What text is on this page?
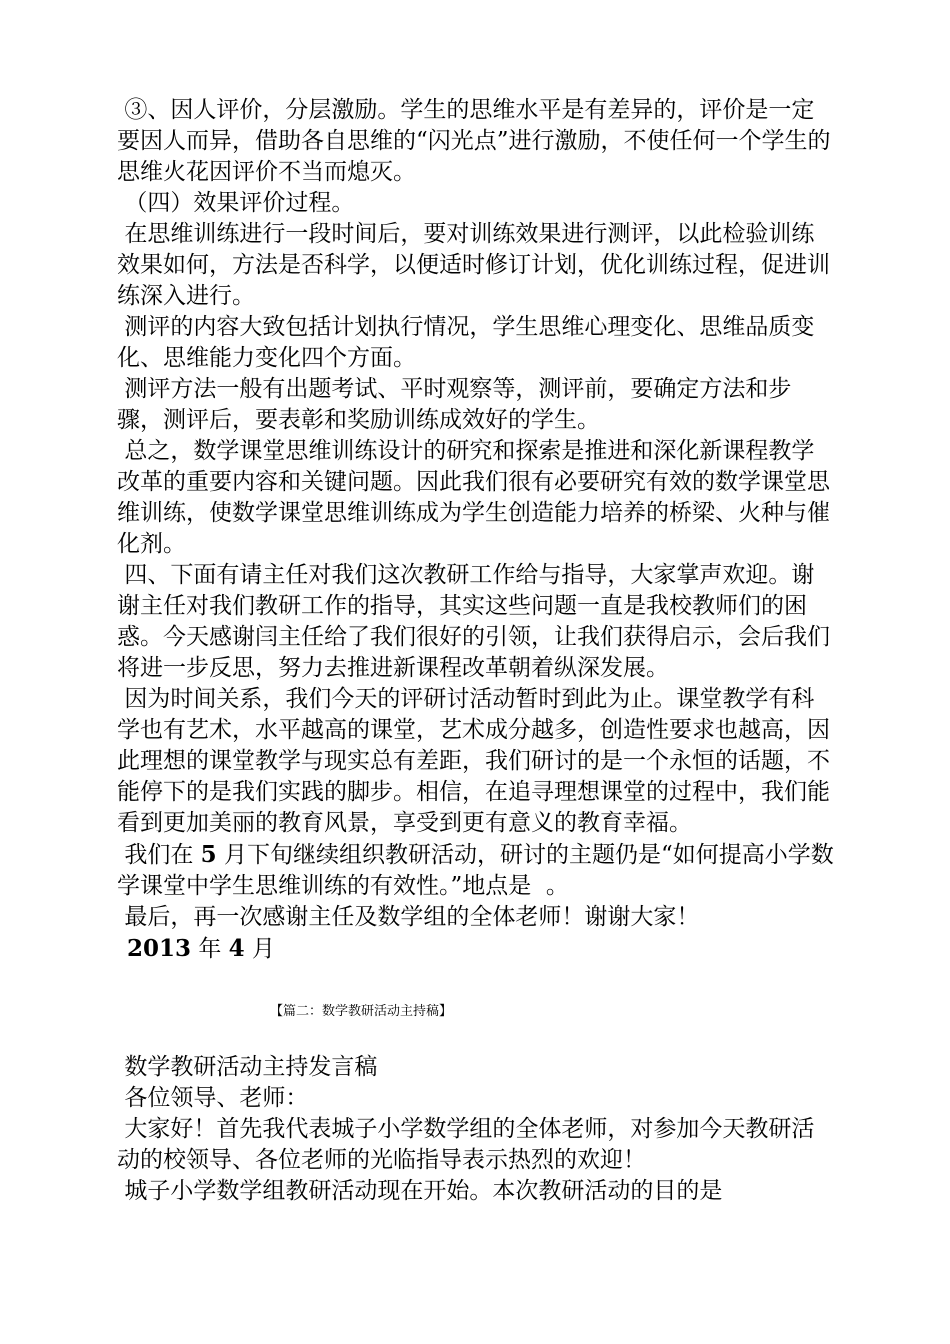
③、因人评价，分层激励。学生的思维水平是有差异的，评价是一定要因人而异，借助各自思维的“闪光点”进行激励，不使任何一个学生的思维火花因评价不当而熄灭。

（四）效果评价过程。

在思维训练进行一段时间后，要对训练效果进行测评，以此检验训练效果如何，方法是否科学，以便适时修订计划，优化训练过程，促进训练深入进行。

测评的内容大致包括计划执行情况，学生思维心理变化、思维品质变化、思维能力变化四个方面。

测评方法一般有出题考试、平时观察等，测评前，要确定方法和步骤，测评后，要表彰和奖励训练成效好的学生。

总之，数学课堂思维训练设计的研究和探索是推进和深化新课程教学改革的重要内容和关键问题。因此我们很有必要研究有效的数学课堂思维训练，使数学课堂思维训练成为学生创造能力培养的桥梁、火种与催化剂。

四、下面有请主任对我们这次教研工作给与指导，大家掌声欢迎。谢谢主任对我们教研工作的指导，其实这些问题一直是我校教师们的困惑。今天感谢闫主任给了我们很好的引领，让我们获得启示，会后我们将进一步反思，努力去推进新课程改革朝着纵深发展。

因为时间关系，我们今天的评研讨活动暂时到此为止。课堂教学有科学也有艺术，水平越高的课堂，艺术成分越多，创造性要求也越高，因此理想的课堂教学与现实总有差距，我们研讨的是一个永恒的话题，不能停下的是我们实践的脚步。相信，在追寻理想课堂的过程中，我们能看到更加美丽的教育风景，享受到更有意义的教育幸福。

我们在 5 月下旬继续组织教研活动，研讨的主题仍是“如何提高小学数学课堂中学生思维训练的有效性。”地点是  。

最后，再一次感谢主任及数学组的全体老师！谢谢大家！

2013 年 4 月

【篇二：数学教研活动主持稿】

数学教研活动主持发言稿

各位领导、老师：

大家好！首先我代表城子小学数学组的全体老师，对参加今天教研活动的校领导、各位老师的光临指导表示热烈的欢迎！

城子小学数学组教研活动现在开始。本次教研活动的目的是
